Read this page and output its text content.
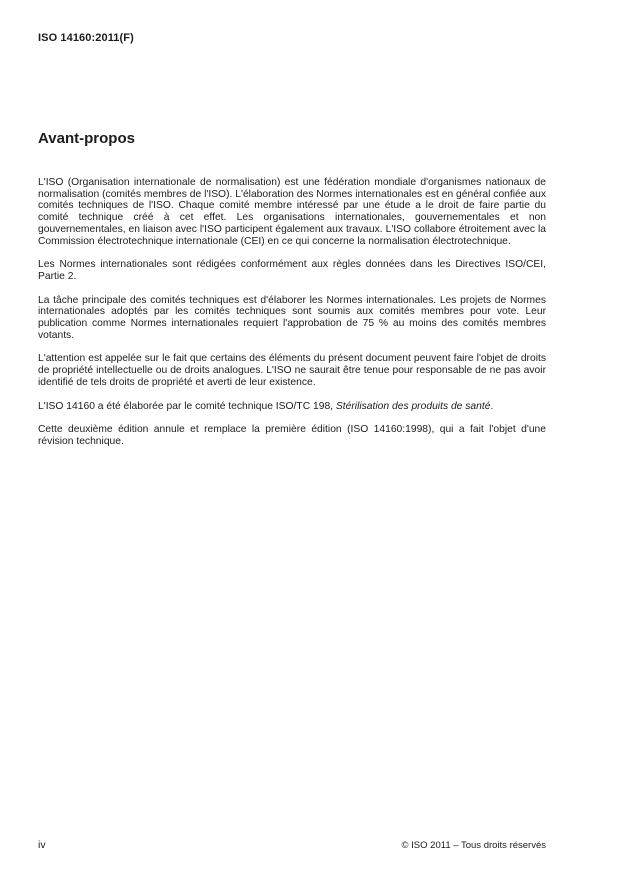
ISO 14160:2011(F)
Avant-propos

L'ISO (Organisation internationale de normalisation) est une fédération mondiale d'organismes nationaux de normalisation (comités membres de l'ISO). L'élaboration des Normes internationales est en général confiée aux comités techniques de l'ISO. Chaque comité membre intéressé par une étude a le droit de faire partie du comité technique créé à cet effet. Les organisations internationales, gouvernementales et non gouvernementales, en liaison avec l'ISO participent également aux travaux. L'ISO collabore étroitement avec la Commission électrotechnique internationale (CEI) en ce qui concerne la normalisation électrotechnique.

Les Normes internationales sont rédigées conformément aux règles données dans les Directives ISO/CEI, Partie 2.

La tâche principale des comités techniques est d'élaborer les Normes internationales. Les projets de Normes internationales adoptés par les comités techniques sont soumis aux comités membres pour vote. Leur publication comme Normes internationales requiert l'approbation de 75 % au moins des comités membres votants.

L'attention est appelée sur le fait que certains des éléments du présent document peuvent faire l'objet de droits de propriété intellectuelle ou de droits analogues. L'ISO ne saurait être tenue pour responsable de ne pas avoir identifié de tels droits de propriété et averti de leur existence.

L'ISO 14160 a été élaborée par le comité technique ISO/TC 198, Stérilisation des produits de santé.

Cette deuxième édition annule et remplace la première édition (ISO 14160:1998), qui a fait l'objet d'une révision technique.

iv	© ISO 2011 – Tous droits réservés
